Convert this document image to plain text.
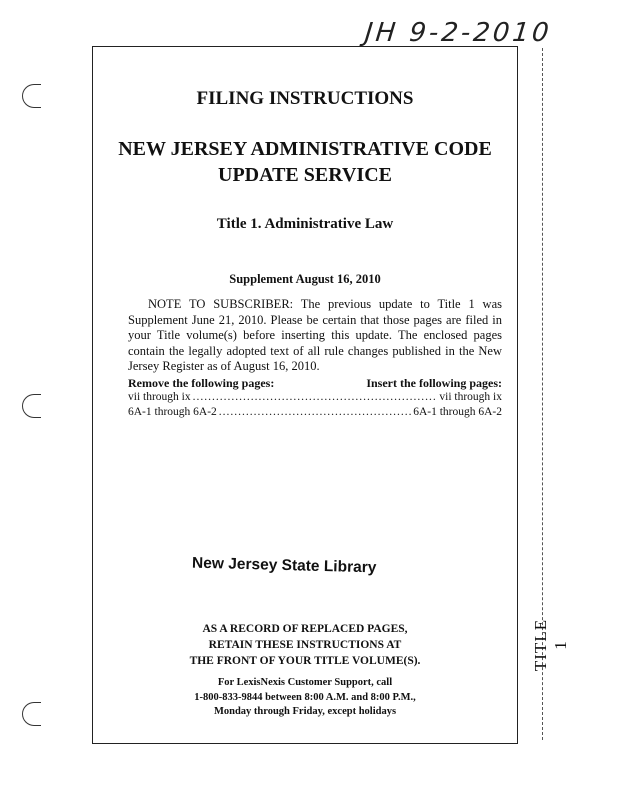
JH 9-2-2010
TITLE 1
FILING INSTRUCTIONS
NEW JERSEY ADMINISTRATIVE CODE
UPDATE SERVICE
Title 1. Administrative Law
Supplement August 16, 2010
NOTE TO SUBSCRIBER: The previous update to Title 1 was Supplement June 21, 2010. Please be certain that those pages are filed in your Title volume(s) before inserting this update. The enclosed pages contain the legally adopted text of all rule changes published in the New Jersey Register as of August 16, 2010.
Remove the following pages:	Insert the following pages:
vii through ix .....	vii through ix
6A-1 through 6A-2 .....	6A-1 through 6A-2
New Jersey State Library
AS A RECORD OF REPLACED PAGES,
RETAIN THESE INSTRUCTIONS AT
THE FRONT OF YOUR TITLE VOLUME(S).
For LexisNexis Customer Support, call
1-800-833-9844 between 8:00 A.M. and 8:00 P.M.,
Monday through Friday, except holidays
